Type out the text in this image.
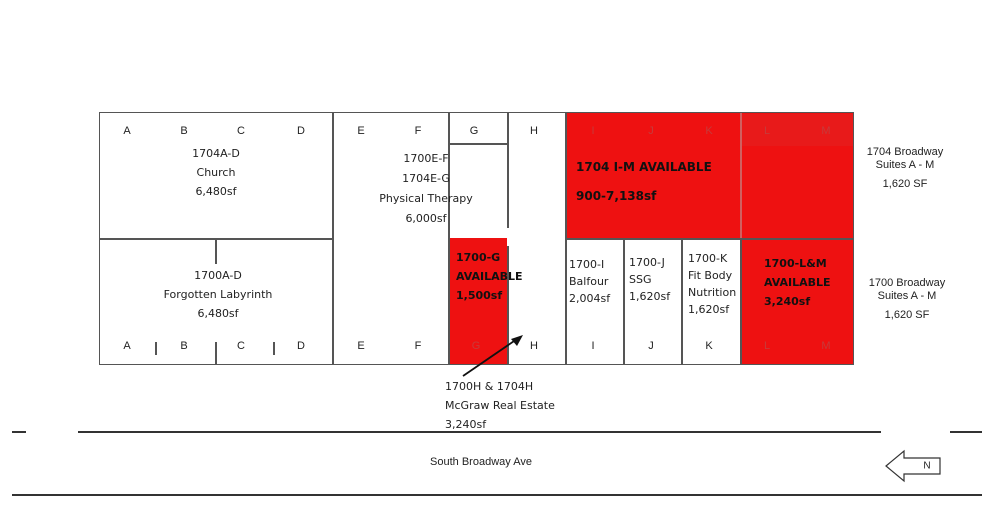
A	B	C	D	E	F	G	H	I	J	K	L	M
A	B	C	D	E	F	G	H	I	J	K	L	M
1704A-D
Church
6,480sf
1700A-D
Forgotten Labyrinth
6,480sf
1700E-F
1704E-G
Physical Therapy
6,000sf
1700-G
AVAILABLE
1,500sf
1704 I-M AVAILABLE
900-7,138sf
1700-I
Balfour
2,004sf
1700-J
SSG
1,620sf
1700-K
Fit Body
Nutrition
1,620sf
1700-L&M
AVAILABLE
3,240sf
1704 Broadway
Suites A - M
1,620 SF
1700 Broadway
Suites A - M
1,620 SF
1700H & 1704H
McGraw Real Estate
3,240sf
South Broadway Ave	N
